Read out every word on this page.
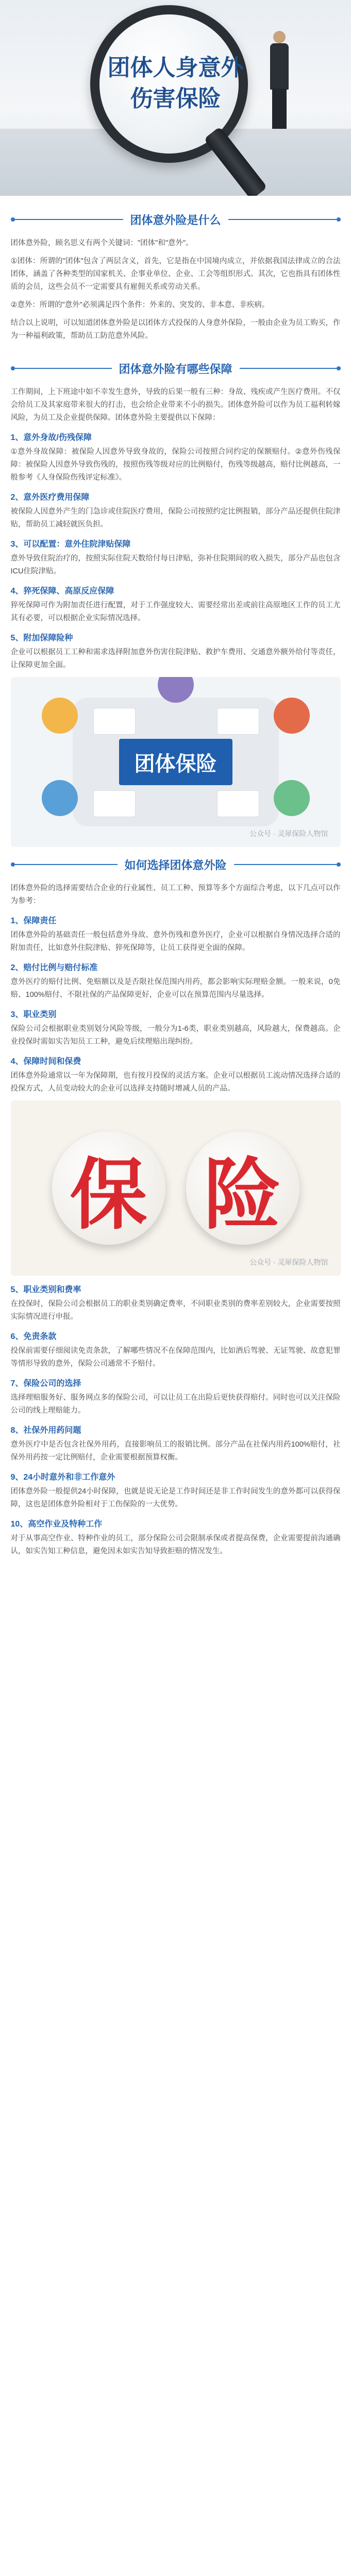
团体人身意外
伤害保险
团体意外险是什么

团体意外险，顾名思义有两个关键词："团体"和"意外"。

①团体：所谓的"团体"包含了两层含义，首先，它是指在中国境内成立，并依据我国法律成立的合法团体，涵盖了各种类型的国家机关、企事业单位、企业、工会等组织形式。其次，它也指具有团体性质的会员，这些会员不一定需要具有雇佣关系或劳动关系。

②意外：所谓的"意外"必须满足四个条件：外来的、突发的、非本意、非疾病。

结合以上说明，可以知道团体意外险是以团体方式投保的人身意外保险，一般由企业为员工购买，作为一种福利政策，帮助员工防范意外风险。

团体意外险有哪些保障

工作期间，上下班途中如不幸发生意外，导致的后果一般有三种：身故、残疾或产生医疗费用。不仅会给员工及其家庭带来很大的打击，也会给企业带来不小的损失。团体意外险可以作为员工福利转嫁风险，为员工及企业提供保障。团体意外险主要提供以下保障：

1、意外身故/伤残保障

①意外身故保障：被保险人因意外导致身故的，保险公司按照合同约定的保额赔付。②意外伤残保障：被保险人因意外导致伤残的，按照伤残等级对应的比例赔付，伤残等级越高，赔付比例越高，一般参考《人身保险伤残评定标准》。

2、意外医疗费用保障

被保险人因意外产生的门急诊或住院医疗费用，保险公司按照约定比例报销，部分产品还提供住院津贴，帮助员工减轻就医负担。

3、可以配置：意外住院津贴保障

意外导致住院治疗的，按照实际住院天数给付每日津贴，弥补住院期间的收入损失，部分产品也包含ICU住院津贴。

4、猝死保障、高原反应保障

猝死保障可作为附加责任进行配置，对于工作强度较大、需要经常出差或前往高原地区工作的员工尤其有必要，可以根据企业实际情况选择。

5、附加保障险种

企业可以根据员工工种和需求选择附加意外伤害住院津贴、救护车费用、交通意外额外给付等责任，让保障更加全面。

团体保险
公众号 · 灵犀保险人物馆
如何选择团体意外险

团体意外险的选择需要结合企业的行业属性、员工工种、预算等多个方面综合考虑，以下几点可以作为参考：

1、保障责任

团体意外险的基础责任一般包括意外身故、意外伤残和意外医疗，企业可以根据自身情况选择合适的附加责任，比如意外住院津贴、猝死保障等，让员工获得更全面的保障。

2、赔付比例与赔付标准

意外医疗的赔付比例、免赔额以及是否限社保范围内用药，都会影响实际理赔金额。一般来说，0免赔、100%赔付、不限社保的产品保障更好，企业可以在预算范围内尽量选择。

3、职业类别

保险公司会根据职业类别划分风险等级，一般分为1-6类，职业类别越高，风险越大，保费越高。企业投保时需如实告知员工工种，避免后续理赔出现纠纷。

4、保障时间和保费

团体意外险通常以一年为保障期，也有按月投保的灵活方案。企业可以根据员工流动情况选择合适的投保方式，人员变动较大的企业可以选择支持随时增减人员的产品。

保 险
公众号 · 灵犀保险人物馆
5、职业类别和费率

在投保时，保险公司会根据员工的职业类别确定费率，不同职业类别的费率差别较大，企业需要按照实际情况进行申报。

6、免责条款

投保前需要仔细阅读免责条款，了解哪些情况不在保障范围内，比如酒后驾驶、无证驾驶、故意犯罪等情形导致的意外，保险公司通常不予赔付。

7、保险公司的选择

选择理赔服务好、服务网点多的保险公司，可以让员工在出险后更快获得赔付。同时也可以关注保险公司的线上理赔能力。

8、社保外用药问题

意外医疗中是否包含社保外用药，直接影响员工的报销比例。部分产品在社保内用药100%赔付，社保外用药按一定比例赔付，企业需要根据预算权衡。

9、24小时意外和非工作意外

团体意外险一般提供24小时保障，也就是说无论是工作时间还是非工作时间发生的意外都可以获得保障，这也是团体意外险相对于工伤保险的一大优势。

10、高空作业及特种工作

对于从事高空作业、特种作业的员工，部分保险公司会限制承保或者提高保费，企业需要提前沟通确认，如实告知工种信息，避免因未如实告知导致拒赔的情况发生。
